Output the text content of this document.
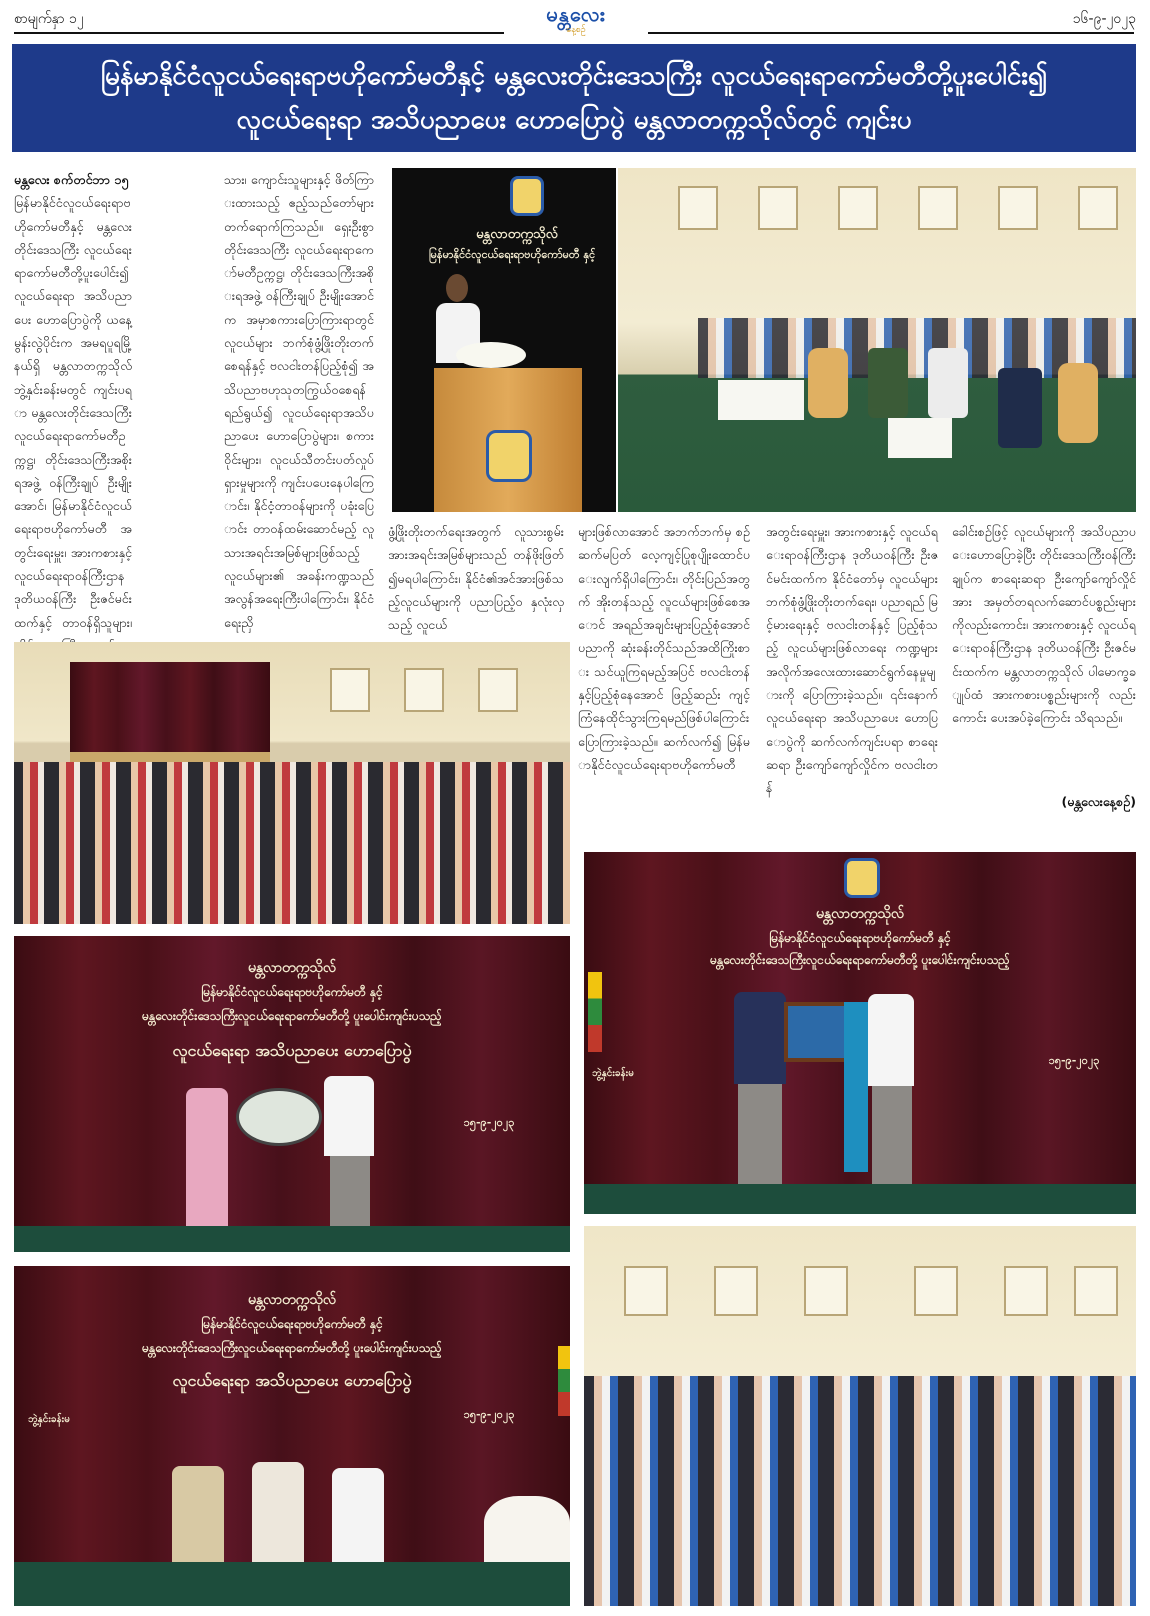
စာမျက်နှာ ၁၂	မန္တလေး
နေ့စဉ်
၁၆-၉-၂၀၂၃
မြန်မာနိုင်ငံလူငယ်ရေးရာဗဟိုကော်မတီနှင့် မန္တလေးတိုင်းဒေသကြီး လူငယ်ရေးရာကော်မတီတို့ပူးပေါင်း၍
လူငယ်ရေးရာ အသိပညာပေး ဟောပြောပွဲ မန္တလာတက္ကသိုလ်တွင် ကျင်းပ

မန္တလေး စက်တင်ဘာ ၁၅

မြန်မာနိုင်ငံလူငယ်ရေးရာဗဟိုကော်မတီနှင့် မန္တလေးတိုင်းဒေသကြီး လူငယ်ရေးရာကော်မတီတို့ပူးပေါင်း၍ လူငယ်ရေးရာ အသိပညာပေး ဟောပြောပွဲကို ယနေ့ မွန်းလွဲပိုင်းက အမရပူရမြို့နယ်ရှိ မန္တလာတက္ကသိုလ် ဘွဲ့နှင်းခန်းမတွင် ကျင်းပရာ မန္တလေးတိုင်းဒေသကြီး လူငယ်ရေးရာကော်မတီဥက္ကဋ္ဌ၊ တိုင်းဒေသကြီးအစိုးရအဖွဲ့ ဝန်ကြီးချုပ် ဦးမျိုးအောင်၊ မြန်မာနိုင်ငံလူငယ်ရေးရာဗဟိုကော်မတီ အတွင်းရေးမှူး၊ အားကစားနှင့်လူငယ်ရေးရာဝန်ကြီးဌာန ဒုတိယဝန်ကြီး ဦးဇင်မင်းထက်နှင့် တာဝန်ရှိသူများ၊

သား၊ ကျောင်းသူများနှင့် ဖိတ်ကြားထားသည့် ဧည့်သည်တော်များ တက်ရောက်ကြသည်။ ရှေးဦးစွာ တိုင်းဒေသကြီး လူငယ်ရေးရာကော်မတီဥက္ကဋ္ဌ၊ တိုင်းဒေသကြီးအစိုးရအဖွဲ့ ဝန်ကြီးချုပ် ဦးမျိုးအောင်က အမှာစကားပြောကြားရာတွင် လူငယ်များ ဘက်စုံဖွံ့ဖြိုးတိုးတက်စေရန်နှင့် ဗလငါးတန်ပြည့်စုံ၍ အသိပညာဗဟုသုတကြွယ်ဝစေရန် ရည်ရွယ်၍ လူငယ်ရေးရာအသိပညာပေး ဟောပြောပွဲများ၊ စကားဝိုင်းများ၊ လူငယ်သီတင်းပတ်လှုပ်ရှားမှုများကို ကျင်းပပေးနေပါကြောင်း၊ နိုင်ငံ့တာဝန်များကို ပခုံးပြောင်း တာဝန်ထမ်းဆောင်မည့် လူသားအရင်းအမြစ်များဖြစ်သည့် လူငယ်များ၏ အခန်းကဏ္ဍသည် အလွန်အရေးကြီးပါကြောင်း၊ နိုင်ငံရေးညှိ

ဖွံ့ဖြိုးတိုးတက်ရေးအတွက် လူသားစွမ်းအားအရင်းအမြစ်များသည် တန်ဖိုးဖြတ်၍မရပါကြောင်း၊ နိုင်ငံ၏အင်အားဖြစ်သည့်လူငယ်များကို ပညာပြည့်ဝ နှလုံးလှသည့် လူငယ်

များဖြစ်လာအောင် အဘက်ဘက်မှ စဉ်ဆက်မပြတ် လေ့ကျင့်ပြုစုပျိုးထောင်ပေးလျက်ရှိပါကြောင်း၊ တိုင်းပြည်အတွက် အိုးတန်သည့် လူငယ်များဖြစ်စေအောင် အရည်အချင်းများပြည့်စုံအောင် ပညာကို ဆုံးခန်းတိုင်သည်အထိကြိုးစား သင်ယူကြရမည့်အပြင် ဗလငါးတန်နှင့်ပြည့်စုံနေအောင် ဖြည့်ဆည်း ကျင့်ကြံနေထိုင်သွားကြရမည်ဖြစ်ပါကြောင်း ပြောကြားခဲ့သည်။ ဆက်လက်၍ မြန်မာနိုင်ငံလူငယ်ရေးရာဗဟိုကော်မတီ

အတွင်းရေးမှူး၊ အားကစားနှင့် လူငယ်ရေးရာဝန်ကြီးဌာန ဒုတိယဝန်ကြီး ဦးဇင်မင်းထက်က နိုင်ငံတော်မှ လူငယ်များဘက်စုံဖွံ့ဖြိုးတိုးတက်ရေး၊ ပညာရည် မြင့်မားရေးနှင့် ဗလငါးတန်နှင့် ပြည့်စုံသည့် လူငယ်များဖြစ်လာရေး ကဏ္ဍများ အလိုက်အလေးထားဆောင်ရွက်နေမှုများကို ပြောကြားခဲ့သည်။ ၎င်းနောက် လူငယ်ရေးရာ အသိပညာပေး ဟောပြောပွဲကို ဆက်လက်ကျင်းပရာ စာရေးဆရာ ဦးကျော်ကျော်လှိုင်က ဗလငါးတန်

ခေါင်းစဉ်ဖြင့် လူငယ်များကို အသိပညာပေးဟောပြောခဲ့ပြီး တိုင်းဒေသကြီးဝန်ကြီးချုပ်က စာရေးဆရာ ဦးကျော်ကျော်လှိုင်အား အမှတ်တရလက်ဆောင်ပစ္စည်းများ ကိုလည်းကောင်း၊ အားကစားနှင့် လူငယ်ရေးရာဝန်ကြီးဌာန ဒုတိယဝန်ကြီး ဦးဇင်မင်းထက်က မန္တလာတက္ကသိုလ် ပါမောက္ခချုပ်ထံ အားကစားပစ္စည်းများကို လည်းကောင်း ပေးအပ်ခဲ့ကြောင်း သိရသည်။

(မန္တလေးနေ့စဉ်)
မန္တလာတက္ကသိုလ်
မြန်မာနိုင်ငံလူငယ်ရေးရာဗဟိုကော်မတီ နှင့်
မန္တလာတက္ကသိုလ်
မြန်မာနိုင်ငံလူငယ်ရေးရာဗဟိုကော်မတီ နှင့်
မန္တလေးတိုင်းဒေသကြီးလူငယ်ရေးရာကော်မတီတို့ ပူးပေါင်းကျင်းပသည့်
ဘွဲ့နှင်းခန်းမ
၁၅-၉-၂၀၂၃
မန္တလာတက္ကသိုလ်
မြန်မာနိုင်ငံလူငယ်ရေးရာဗဟိုကော်မတီ နှင့်
မန္တလေးတိုင်းဒေသကြီးလူငယ်ရေးရာကော်မတီတို့ ပူးပေါင်းကျင်းပသည့်
လူငယ်ရေးရာ အသိပညာပေး ဟောပြောပွဲ
၁၅-၉-၂၀၂၃
မန္တလာတက္ကသိုလ်
မြန်မာနိုင်ငံလူငယ်ရေးရာဗဟိုကော်မတီ နှင့်
မန္တလေးတိုင်းဒေသကြီးလူငယ်ရေးရာကော်မတီတို့ ပူးပေါင်းကျင်းပသည့်
လူငယ်ရေးရာ အသိပညာပေး ဟောပြောပွဲ
ဘွဲ့နှင်းခန်းမ	၁၅-၉-၂၀၂၃
